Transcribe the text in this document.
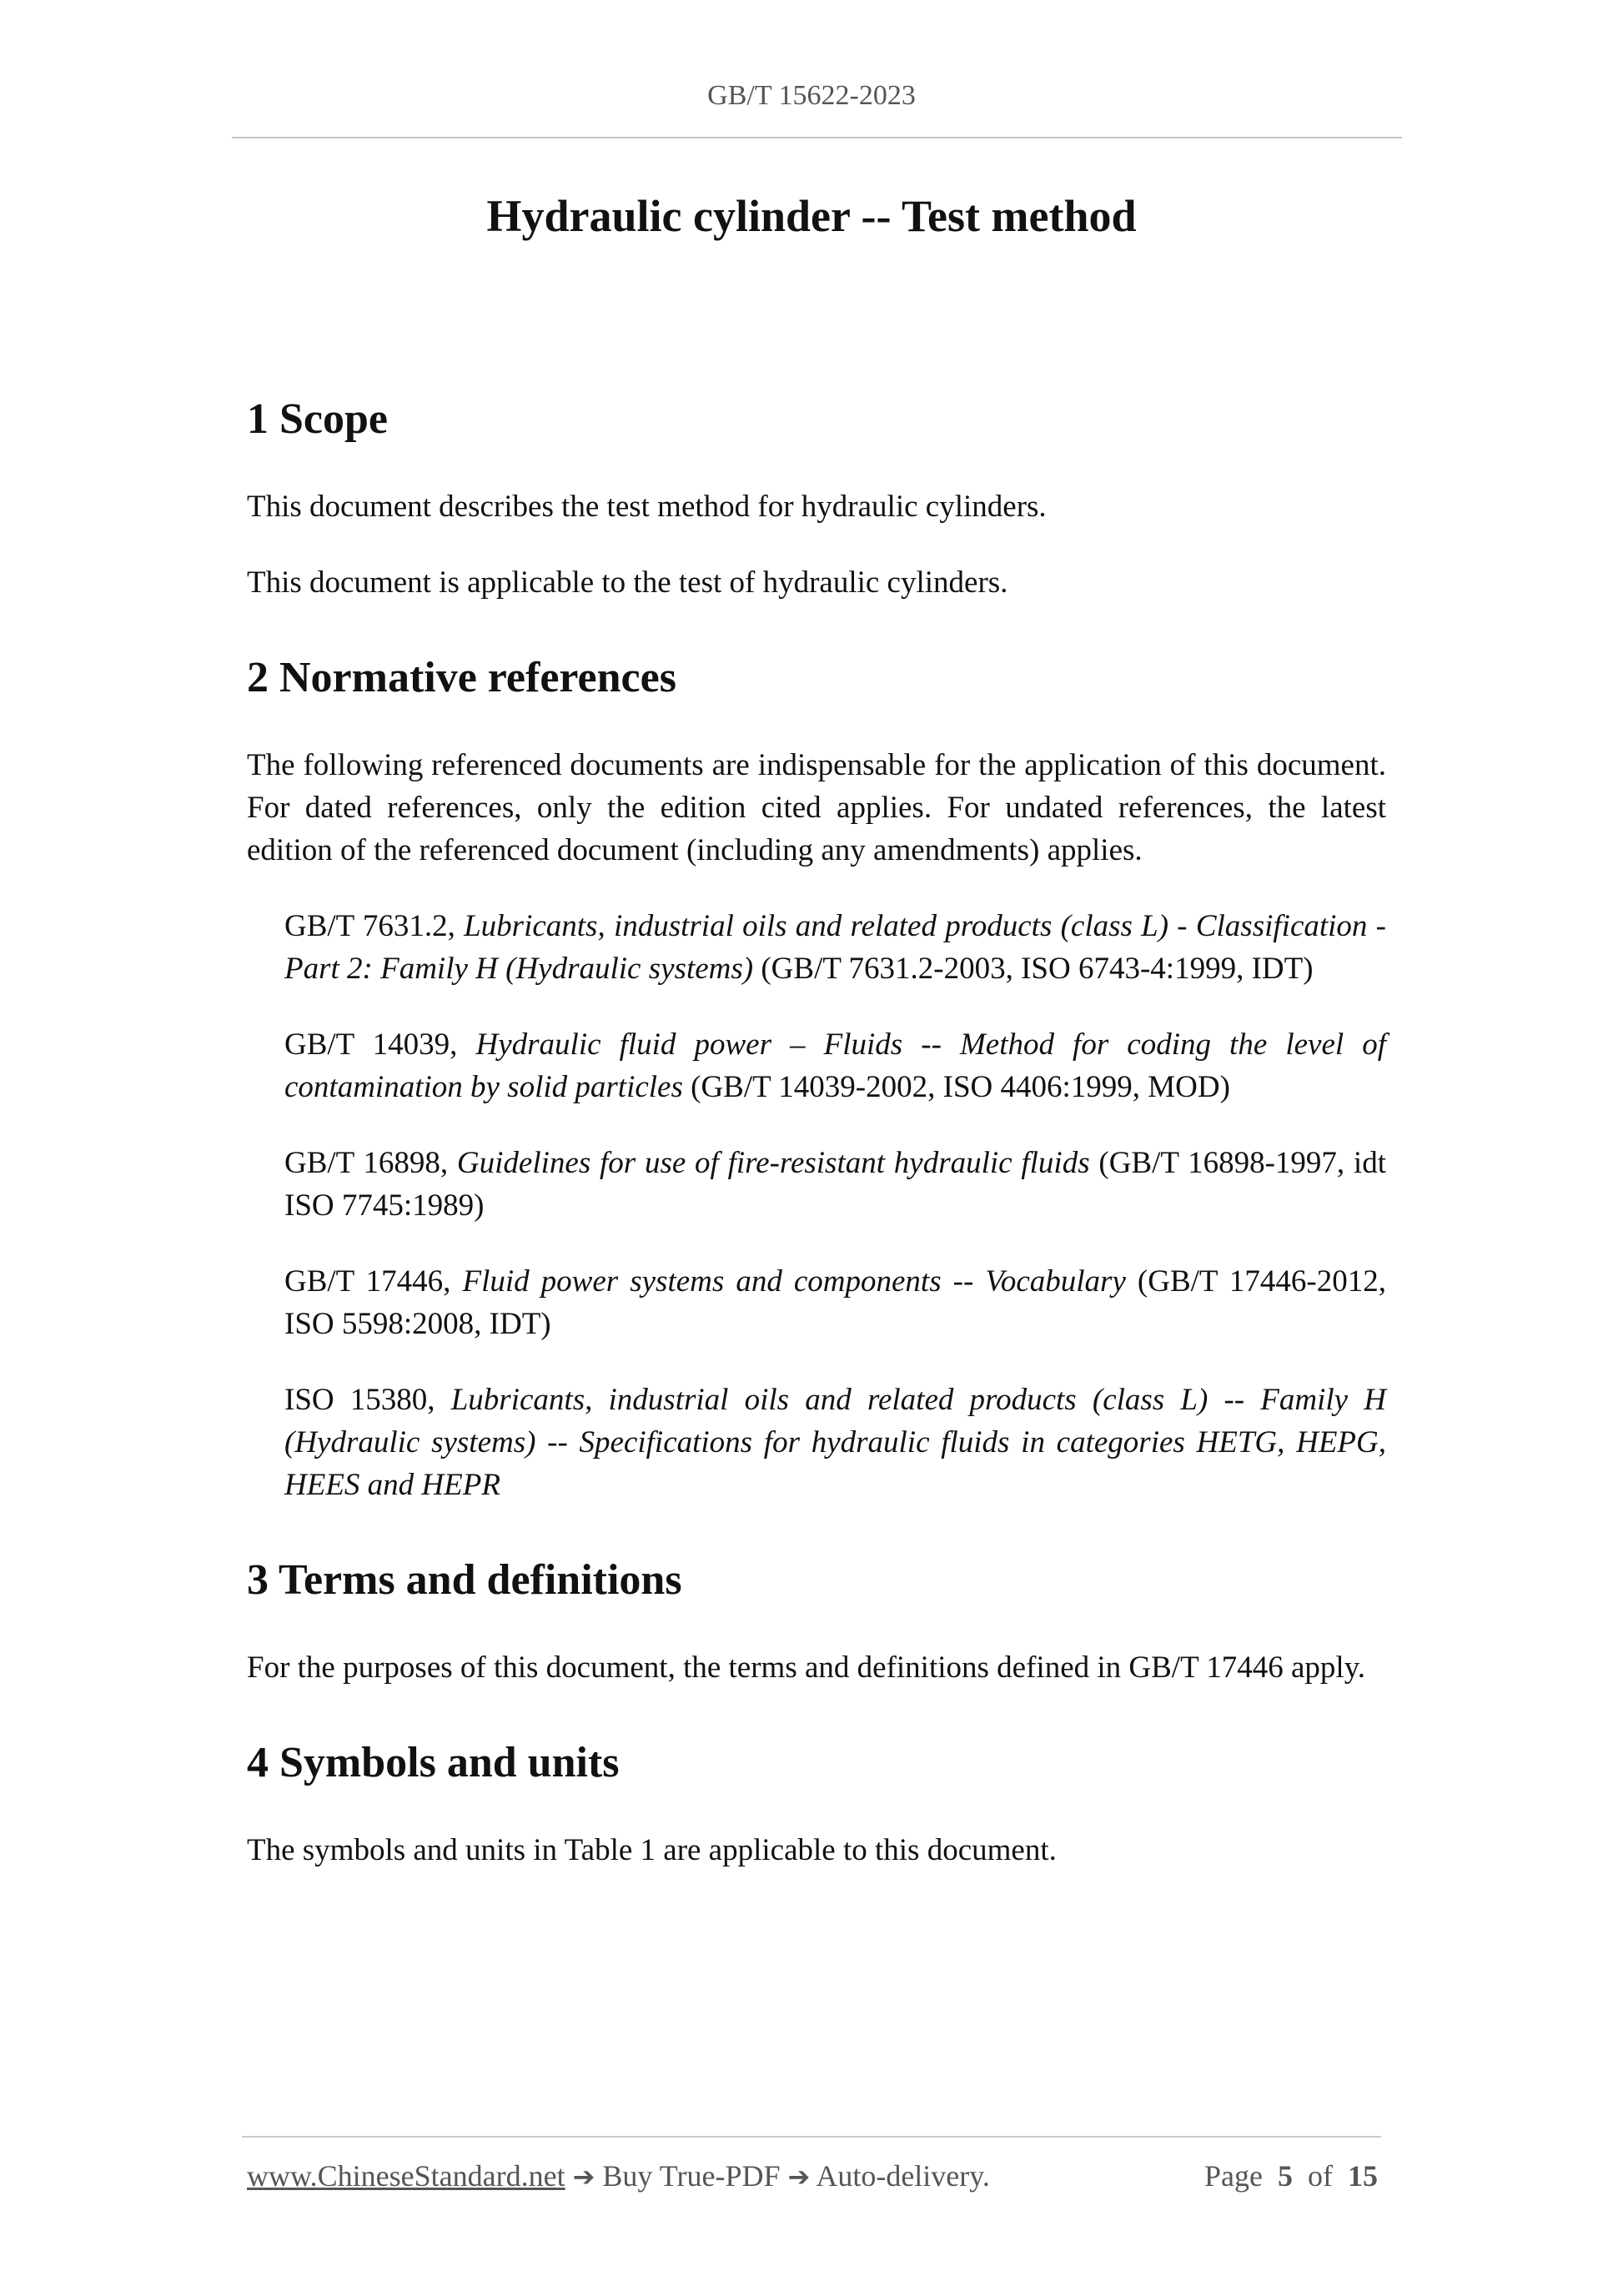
GB/T 15622-2023
Hydraulic cylinder -- Test method
1 Scope

This document describes the test method for hydraulic cylinders.

This document is applicable to the test of hydraulic cylinders.

2 Normative references

The following referenced documents are indispensable for the application of this document. For dated references, only the edition cited applies. For undated references, the latest edition of the referenced document (including any amendments) applies.

GB/T 7631.2, Lubricants, industrial oils and related products (class L) - Classification - Part 2: Family H (Hydraulic systems) (GB/T 7631.2-2003, ISO 6743-4:1999, IDT)

GB/T 14039, Hydraulic fluid power – Fluids -- Method for coding the level of contamination by solid particles (GB/T 14039-2002, ISO 4406:1999, MOD)

GB/T 16898, Guidelines for use of fire-resistant hydraulic fluids (GB/T 16898-1997, idt ISO 7745:1989)

GB/T 17446, Fluid power systems and components -- Vocabulary (GB/T 17446-2012, ISO 5598:2008, IDT)

ISO 15380, Lubricants, industrial oils and related products (class L) -- Family H (Hydraulic systems) -- Specifications for hydraulic fluids in categories HETG, HEPG, HEES and HEPR

3 Terms and definitions

For the purposes of this document, the terms and definitions defined in GB/T 17446 apply.

4 Symbols and units

The symbols and units in Table 1 are applicable to this document.

www.ChineseStandard.net ➔ Buy True-PDF ➔ Auto-delivery.	Page 5 of 15
